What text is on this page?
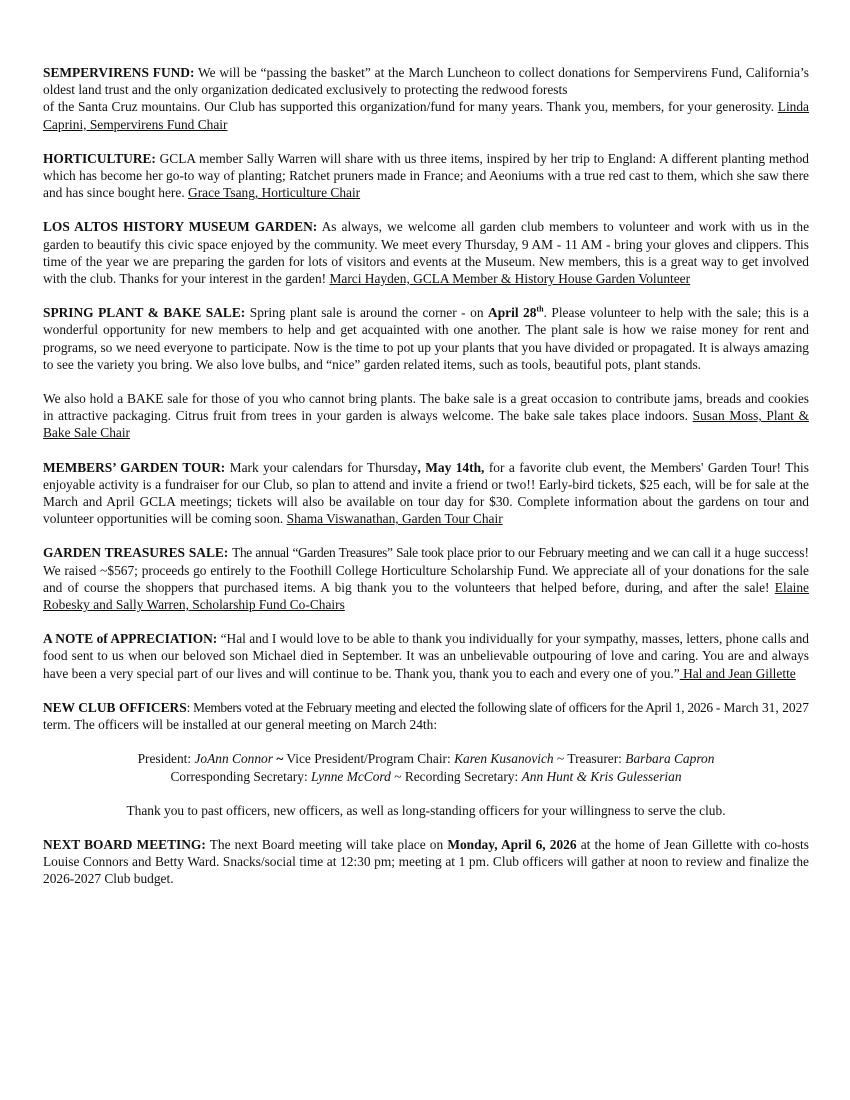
SEMPERVIRENS FUND: We will be “passing the basket” at the March Luncheon to collect donations for Sempervirens Fund, California’s oldest land trust and the only organization dedicated exclusively to protecting the redwood forests
of the Santa Cruz mountains. Our Club has supported this organization/fund for many years. Thank you, members, for your generosity. Linda Caprini, Sempervirens Fund Chair

HORTICULTURE: GCLA member Sally Warren will share with us three items, inspired by her trip to England: A different planting method which has become her go-to way of planting; Ratchet pruners made in France; and Aeoniums with a true red cast to them, which she saw there and has since bought here. Grace Tsang, Horticulture Chair

LOS ALTOS HISTORY MUSEUM GARDEN: As always, we welcome all garden club members to volunteer and work with us in the garden to beautify this civic space enjoyed by the community. We meet every Thursday, 9 AM - 11 AM - bring your gloves and clippers. This time of the year we are preparing the garden for lots of visitors and events at the Museum. New members, this is a great way to get involved with the club. Thanks for your interest in the garden! Marci Hayden, GCLA Member & History House Garden Volunteer

SPRING PLANT & BAKE SALE: Spring plant sale is around the corner - on April 28th. Please volunteer to help with the sale; this is a wonderful opportunity for new members to help and get acquainted with one another. The plant sale is how we raise money for rent and programs, so we need everyone to participate. Now is the time to pot up your plants that you have divided or propagated. It is always amazing to see the variety you bring. We also love bulbs, and “nice” garden related items, such as tools, beautiful pots, plant stands.

We also hold a BAKE sale for those of you who cannot bring plants. The bake sale is a great occasion to contribute jams, breads and cookies in attractive packaging. Citrus fruit from trees in your garden is always welcome. The bake sale takes place indoors. Susan Moss, Plant & Bake Sale Chair

MEMBERS’ GARDEN TOUR: Mark your calendars for Thursday, May 14th, for a favorite club event, the Members' Garden Tour! This enjoyable activity is a fundraiser for our Club, so plan to attend and invite a friend or two!! Early-bird tickets, $25 each, will be for sale at the March and April GCLA meetings; tickets will also be available on tour day for $30. Complete information about the gardens on tour and volunteer opportunities will be coming soon. Shama Viswanathan, Garden Tour Chair

GARDEN TREASURES SALE: The annual “Garden Treasures” Sale took place prior to our February meeting and we can call it a huge success! We raised ~$567; proceeds go entirely to the Foothill College Horticulture Scholarship Fund. We appreciate all of your donations for the sale and of course the shoppers that purchased items. A big thank you to the volunteers that helped before, during, and after the sale! Elaine Robesky and Sally Warren, Scholarship Fund Co-Chairs

A NOTE of APPRECIATION: “Hal and I would love to be able to thank you individually for your sympathy, masses, letters, phone calls and food sent to us when our beloved son Michael died in September. It was an unbelievable outpouring of love and caring. You are and always have been a very special part of our lives and will continue to be. Thank you, thank you to each and every one of you.” Hal and Jean Gillette

NEW CLUB OFFICERS: Members voted at the February meeting and elected the following slate of officers for the April 1, 2026 - March 31, 2027 term. The officers will be installed at our general meeting on March 24th:

President: JoAnn Connor ~ Vice President/Program Chair: Karen Kusanovich ~ Treasurer: Barbara Capron
Corresponding Secretary: Lynne McCord ~ Recording Secretary: Ann Hunt & Kris Gulesserian

Thank you to past officers, new officers, as well as long-standing officers for your willingness to serve the club.

NEXT BOARD MEETING: The next Board meeting will take place on Monday, April 6, 2026 at the home of Jean Gillette with co-hosts Louise Connors and Betty Ward. Snacks/social time at 12:30 pm; meeting at 1 pm. Club officers will gather at noon to review and finalize the 2026-2027 Club budget.
